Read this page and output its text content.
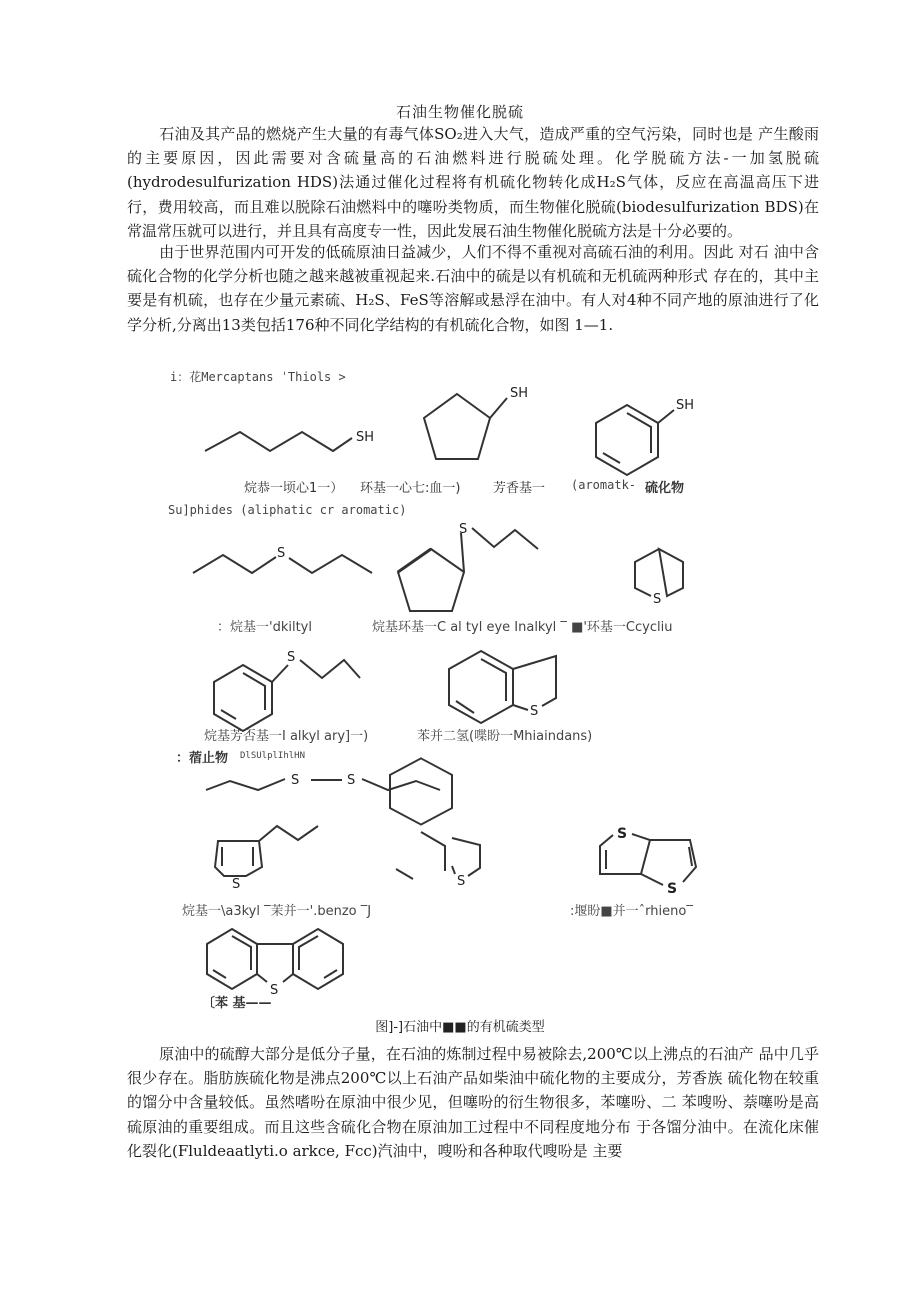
石油生物催化脱硫
石油及其产品的燃烧产生大量的有毒气体SO₂进入大气，造成严重的空气污染，同时也是 产生酸雨的主要原因，因此需要对含硫量高的石油燃料进行脱硫处理。化学脱硫方法-一加氢脱硫(hydrodesulfurization HDS)法通过催化过程将有机硫化物转化成H₂S气体，反应在高温高压下进 行，费用较高，而且难以脱除石油燃料中的噻吩类物质，而生物催化脱硫(biodesulfurization BDS)在常温常压就可以进行，并且具有高度专一性，因此发展石油生物催化脱硫方法是十分必要的。
由于世界范围内可开发的低硫原油日益减少，人们不得不重视对高硫石油的利用。因此 对石 油中含硫化合物的化学分析也随之越来越被重视起来.石油中的硫是以有机硫和无机硫两种形式 存在的，其中主要是有机硫，也存在少量元素硫、H₂S、FeS等溶解或悬浮在油中。有人对4种不同产地的原油进行了化学分析,分离出13类包括176种不同化学结构的有机硫化合物，如图 1—1.
i：花Mercaptans ˈThiols >
SH
SH
SH
S
S
S
S
S
S	S
S	S
S
S
S
烷恭一顷心1一） 环基一心七:血一)	芳香基一 (aromatk- 硫化物
Su]phides (aliphatic cr aromatic)
：烷基一'dkiltyl	烷基环基一C al tyl eye Inalkyl ‾ ■'环基一Ccycliu
烷基芳否基一I alkyl ary]一)	苯并二氢(喋盼一Mhiaindans)
：蓿止物 DlSUlplIhlHN
烷基一\a3kyl ‾茉并一'.benzo ‾J	:堰盼■并一ˆrhieno‾
〔苯 基——
图]-]石油中■■的有机硫类型
原油中的硫醇大部分是低分子量，在石油的炼制过程中易被除去,200℃以上沸点的石油产 品中几乎很少存在。脂肪族硫化物是沸点200℃以上石油产品如柴油中硫化物的主要成分，芳香族 硫化物在较重的馏分中含量较低。虽然嗜吩在原油中很少见，但噻吩的衍生物很多，苯噻吩、二 苯嗖吩、萘噻吩是高硫原油的重要组成。而且这些含硫化合物在原油加工过程中不同程度地分布 于各馏分油中。在流化床催化裂化(Fluldeaatlyti.o arkce, Fcc)汽油中，嗖吩和各种取代嗖吩是 主要
